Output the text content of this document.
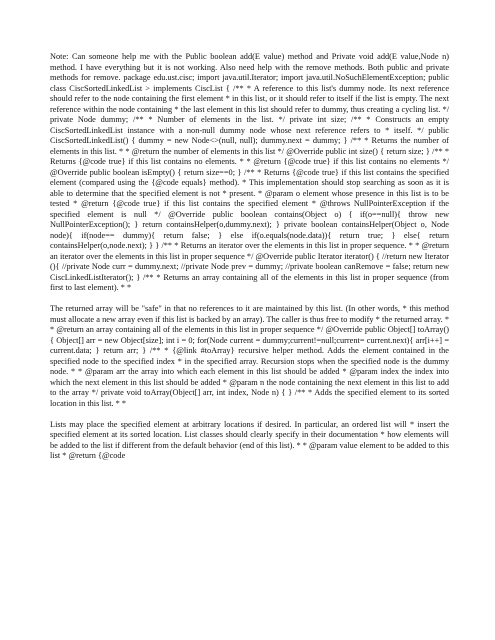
Note: Can someone help me with the Public boolean add(E value) method and Private void add(E value,Node n) method. I have everything but it is not working. Also need help with the remove methods. Both public and private methods for remove. package edu.ust.cisc; import java.util.Iterator; import java.util.NoSuchElementException; public class CiscSortedLinkedList > implements CiscList { /** * A reference to this list's dummy node. Its next reference should refer to the node containing the first element * in this list, or it should refer to itself if the list is empty. The next reference within the node containing * the last element in this list should refer to dummy, thus creating a cycling list. */ private Node dummy; /** * Number of elements in the list. */ private int size; /** * Constructs an empty CiscSortedLinkedList instance with a non-null dummy node whose next reference refers to * itself. */ public CiscSortedLinkedList() { dummy = new Node<>(null, null); dummy.next = dummy; } /** * Returns the number of elements in this list. * * @return the number of elements in this list */ @Override public int size() { return size; } /** * Returns {@code true} if this list contains no elements. * * @return {@code true} if this list contains no elements */ @Override public boolean isEmpty() { return size==0; } /** * Returns {@code true} if this list contains the specified element (compared using the {@code equals} method). * This implementation should stop searching as soon as it is able to determine that the specified element is not * present. * @param o element whose presence in this list is to be tested * @return {@code true} if this list contains the specified element * @throws NullPointerException if the specified element is null */ @Override public boolean contains(Object o) { if(o==null){ throw new NullPointerException(); } return containsHelper(o,dummy.next); } private boolean containsHelper(Object o, Node node){ if(node== dummy){ return false; } else if(o.equals(node.data)){ return true; } else{ return containsHelper(o,node.next); } } /** * Returns an iterator over the elements in this list in proper sequence. * * @return an iterator over the elements in this list in proper sequence */ @Override public Iterator iterator() { //return new Iterator (){ //private Node curr = dummy.next; //private Node prev = dummy; //private boolean canRemove = false; return new CiscLinkedListIterator(); } /** * Returns an array containing all of the elements in this list in proper sequence (from first to last element). * *

The returned array will be "safe" in that no references to it are maintained by this list. (In other words, * this method must allocate a new array even if this list is backed by an array). The caller is thus free to modify * the returned array. * * @return an array containing all of the elements in this list in proper sequence */ @Override public Object[] toArray() { Object[] arr = new Object[size]; int i = 0; for(Node current = dummy;current!=null;current= current.next){ arr[i++] = current.data; } return arr; } /** * {@link #toArray} recursive helper method. Adds the element contained in the specified node to the specified index * in the specified array. Recursion stops when the specified node is the dummy node. * * @param arr the array into which each element in this list should be added * @param index the index into which the next element in this list should be added * @param n the node containing the next element in this list to add to the array */ private void toArray(Object[] arr, int index, Node n) { } /** * Adds the specified element to its sorted location in this list. * *

Lists may place the specified element at arbitrary locations if desired. In particular, an ordered list will * insert the specified element at its sorted location. List classes should clearly specify in their documentation * how elements will be added to the list if different from the default behavior (end of this list). * * @param value element to be added to this list * @return {@code
